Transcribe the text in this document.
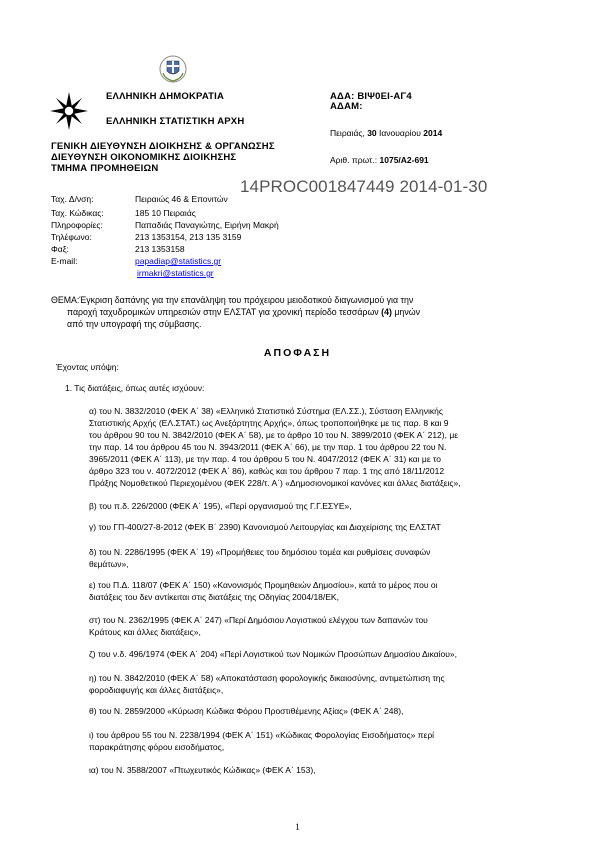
ΕΛΛΗΝΙΚΗ ΔΗΜΟΚΡΑΤΙΑ
ΕΛΛΗΝΙΚΗ ΣΤΑΤΙΣΤΙΚΗ ΑΡΧΗ
ΓΕΝΙΚΗ ΔΙΕΥΘΥΝΣΗ ΔΙΟΙΚΗΣΗΣ & ΟΡΓΑΝΩΣΗΣ
ΔΙΕΥΘΥΝΣΗ ΟΙΚΟΝΟΜΙΚΗΣ ΔΙΟΙΚΗΣΗΣ
ΤΜΗΜΑ ΠΡΟΜΗΘΕΙΩΝ
ΑΔΑ: ΒΙΨ0ΕΙ-ΑΓ4
ΑΔΑΜ:
Πειραιάς, 30 Ιανουαρίου 2014
Αριθ. πρωτ.: 1075/Α2-691
14PROC001847449 2014-01-30
Ταχ. Δ/νση:	Πειραιώς 46 & Επονιτών
Ταχ. Κώδικας:	185 10 Πειραιάς
Πληροφορίες:	Παπαδιάς Παναγιώτης, Ειρήνη Μακρή
Τηλέφωνο:	213 1353154, 213 135 3159
Φαξ:	213 1353158
E-mail:	papadiap@statistics.gr
irmakri@statistics.gr
ΘΕΜΑ:Έγκριση δαπάνης για την επανάληψη του πρόχειρου μειοδοτικού διαγωνισμού για την
παροχή ταχυδρομικών υπηρεσιών στην ΕΛΣΤΑΤ για χρονική περίοδο τεσσάρων (4) μηνών
από την υπογραφή της σύμβασης.
ΑΠΟΦΑΣΗ
Έχοντας υπόψη:
1. Τις διατάξεις, όπως αυτές ισχύουν:
α) του Ν. 3832/2010 (ΦΕΚ Α΄ 38) «Ελληνικό Στατιστικό Σύστημα (ΕΛ.ΣΣ.), Σύσταση Ελληνικής
Στατιστικής Αρχής (ΕΛ.ΣΤΑΤ.) ως Ανεξάρτητης Αρχής», όπως τροποποιήθηκε με τις παρ. 8 και 9
του άρθρου 90 του Ν. 3842/2010 (ΦΕΚ Α΄ 58), με το άρθρο 10 του Ν. 3899/2010 (ΦΕΚ Α΄ 212), με
την παρ. 14 του άρθρου 45 του Ν. 3943/2011 (ΦΕΚ Α΄ 66), με την παρ. 1 του άρθρου 22 του Ν.
3965/2011 (ΦΕΚ Α΄ 113), με την παρ. 4 του άρθρου 5 του Ν. 4047/2012 (ΦΕΚ Α΄ 31) και με το
άρθρο 323 του ν. 4072/2012 (ΦΕΚ Α΄ 86), καθώς και του άρθρου 7 παρ. 1 της από 18/11/2012
Πράξης Νομοθετικού Περιεχομένου (ΦΕΚ 228/τ. Α΄) «Δημοσιονομικοί κανόνες και άλλες διατάξεις»,
β) του π.δ. 226/2000 (ΦΕΚ Α΄ 195), «Περί οργανισμού της Γ.Γ.ΕΣΥΕ»,
γ) του ΓΠ-400/27-8-2012 (ΦΕΚ Β΄ 2390) Κανονισμού Λειτουργίας και Διαχείρισης της ΕΛΣΤΑΤ
δ) του Ν. 2286/1995 (ΦΕΚ Α΄ 19) «Προμήθειες του δημόσιου τομέα και ρυθμίσεις συναφών
θεμάτων»,
ε) του Π.Δ. 118/07 (ΦΕΚ Α΄ 150) «Κανονισμός Προμηθειών Δημοσίου», κατά το μέρος που οι
διατάξεις του δεν αντίκειται στις διατάξεις της Οδηγίας 2004/18/ΕΚ,
στ) του Ν. 2362/1995 (ΦΕΚ Α΄ 247) «Περί Δημόσιου Λογιστικού ελέγχου των δαπανών του
Κράτους και άλλες διατάξεις»,
ζ) του ν.δ. 496/1974 (ΦΕΚ Α΄ 204) «Περί Λογιστικού των Νομικών Προσώπων Δημοσίου Δικαίου»,
η) του Ν. 3842/2010 (ΦΕΚ Α΄ 58) «Αποκατάσταση φορολογικής δικαιοσύνης, αντιμετώπιση της
φοροδιαφυγής και άλλες διατάξεις»,
θ) του Ν. 2859/2000 «Κύρωση Κώδικα Φόρου Προστιθέμενης Αξίας» (ΦΕΚ Α΄ 248),
ι) του άρθρου 55 του Ν. 2238/1994 (ΦΕΚ Α΄ 151) «Κώδικας Φορολογίας Εισοδήματος» περί
παρακράτησης φόρου εισοδήματος,
ια) του Ν. 3588/2007 «Πτωχευτικός Κώδικας» (ΦΕΚ Α΄ 153),
1
